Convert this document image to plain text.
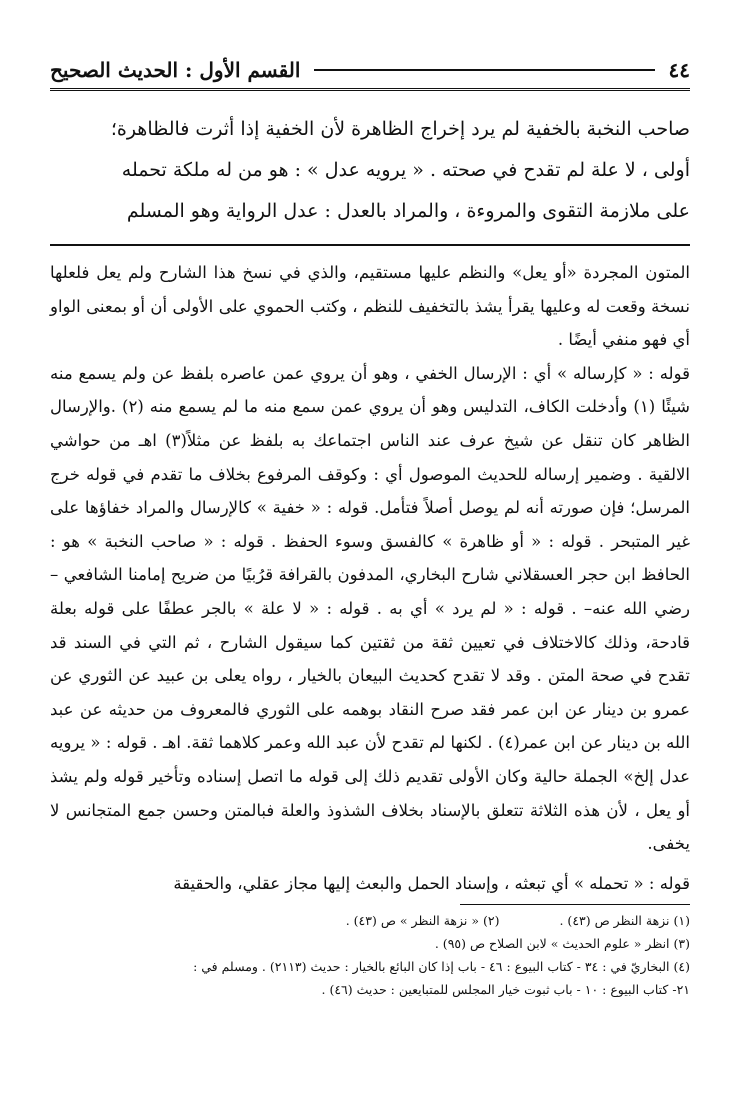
٤٤
القسم الأول : الحديث الصحيح
صاحب النخبة بالخفية لم يرد إخراج الظاهرة لأن الخفية إذا أثرت فالظاهرة؛
أولى ، لا علة لم تقدح في صحته . « يرويه عدل » : هو من له ملكة تحمله
على ملازمة التقوى والمروءة ، والمراد بالعدل : عدل الرواية وهو المسلم

المتون المجردة «أو يعل» والنظم عليها مستقيم، والذي في نسخ هذا الشارح ولم يعل فلعلها نسخة وقعت له وعليها يقرأ يشذ بالتخفيف للنظم ، وكتب الحموي على الأولى أن أو بمعنى الواو أي فهو منفي أيضًا .

قوله : « كإرساله » أي : الإرسال الخفي ، وهو أن يروي عمن عاصره بلفظ عن ولم يسمع منه شيئًا (١) وأدخلت الكاف، التدليس وهو أن يروي عمن سمع منه ما لم يسمع منه (٢) .والإرسال الظاهر كان تنقل عن شيخ عرف عند الناس اجتماعك به بلفظ عن مثلاً(٣) اهـ من حواشي الالقية . وضمير إرساله للحديث الموصول أي : وكوقف المرفوع بخلاف ما تقدم في قوله خرج المرسل؛ فإن صورته أنه لم يوصل أصلاً فتأمل. قوله : « خفية » كالإرسال والمراد خفاؤها على غير المتبحر . قوله : « أو ظاهرة » كالفسق وسوء الحفظ . قوله : « صاحب النخبة » هو : الحافظ ابن حجر العسقلاني شارح البخاري، المدفون بالقرافة قرُبيًا من ضريح إمامنا الشافعي –رضي الله عنه– . قوله : « لم يرد » أي به . قوله : « لا علة » بالجر عطفًا على قوله بعلة قادحة، وذلك كالاختلاف في تعيين ثقة من ثقتين كما سيقول الشارح ، ثم التي في السند قد تقدح في صحة المتن . وقد لا تقدح كحديث البيعان بالخيار ، رواه يعلى بن عبيد عن الثوري عن عمرو بن دينار عن ابن عمر فقد صرح النقاد بوهمه على الثوري فالمعروف من حديثه عن عبد الله بن دينار عن ابن عمر(٤) . لكنها لم تقدح لأن عبد الله وعمر كلاهما ثقة. اهـ . قوله : « يرويه عدل إلخ» الجملة حالية وكان الأولى تقديم ذلك إلى قوله ما اتصل إسناده وتأخير قوله ولم يشذ أو يعل ، لأن هذه الثلاثة تتعلق بالإسناد بخلاف الشذوذ والعلة فبالمتن وحسن جمع المتجانس لا يخفى.

قوله : « تحمله » أي تبعثه ، وإسناد الحمل والبعث إليها مجاز عقلي، والحقيقة

(١) نزهة النظر ص (٤٣) .
(٢) « نزهة النظر » ص (٤٣) .

(٣) انظر « علوم الحديث » لابن الصلاح ص (٩٥) .

(٤) البخاريّ في : ٣٤ - كتاب البيوع : ٤٦ - باب إذا كان البائع بالخيار : حديث (٢١١٣) . ومسلم في :

٢١- كتاب البيوع : ١٠ - باب ثبوت خيار المجلس للمتبايعين : حديث (٤٦) .
